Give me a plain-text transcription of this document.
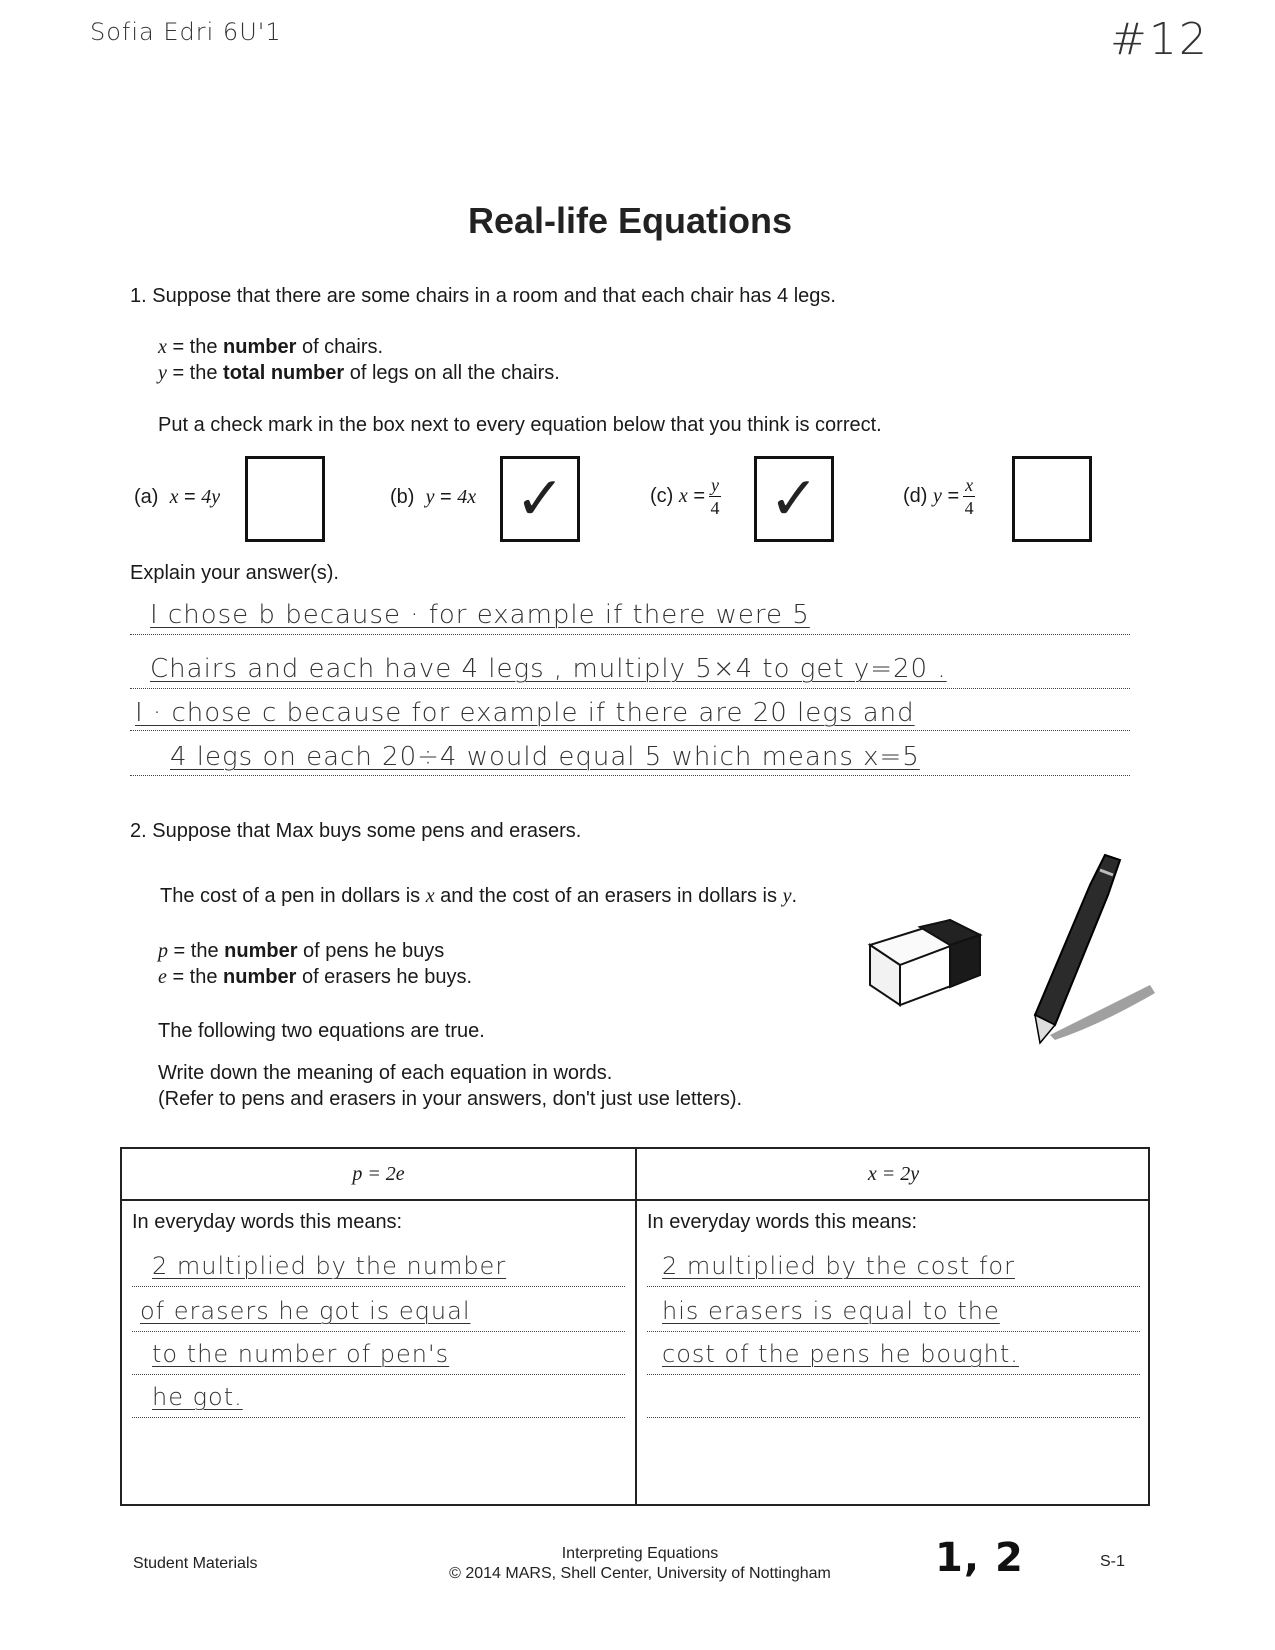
Sofia Edri 6U'1	#12
Real-life Equations
1. Suppose that there are some chairs in a room and that each chair has 4 legs.
x = the number of chairs.
y = the total number of legs on all the chairs.
Put a check mark in the box next to every equation below that you think is correct.
(a) x = 4y	(b) y = 4x ✓	(c)
$x = \frac{y}{4}$ ✓	(d)
$y = \frac{x}{4}$
Explain your answer(s).
I chose b because · for example if there were 5
Chairs and each have 4 legs , multiply 5×4 to get y=20 .
I · chose c because for example if there are 20 legs and
4 legs on each 20÷4 would equal 5 which means x=5
2. Suppose that Max buys some pens and erasers.
The cost of a pen in dollars is x and the cost of an erasers in dollars is y.
p = the number of pens he buys
e = the number of erasers he buys.
The following two equations are true.
Write down the meaning of each equation in words.
(Refer to pens and erasers in your answers, don't just use letters).
p = 2e
In everyday words this means:
2 multiplied by the number
of erasers he got is equal
to the number of pen's
he got.
x = 2y
In everyday words this means:
2 multiplied by the cost for
his erasers is equal to the
cost of the pens he bought.
Student Materials
Interpreting Equations
© 2014 MARS, Shell Center, University of Nottingham	1, 2	S-1
